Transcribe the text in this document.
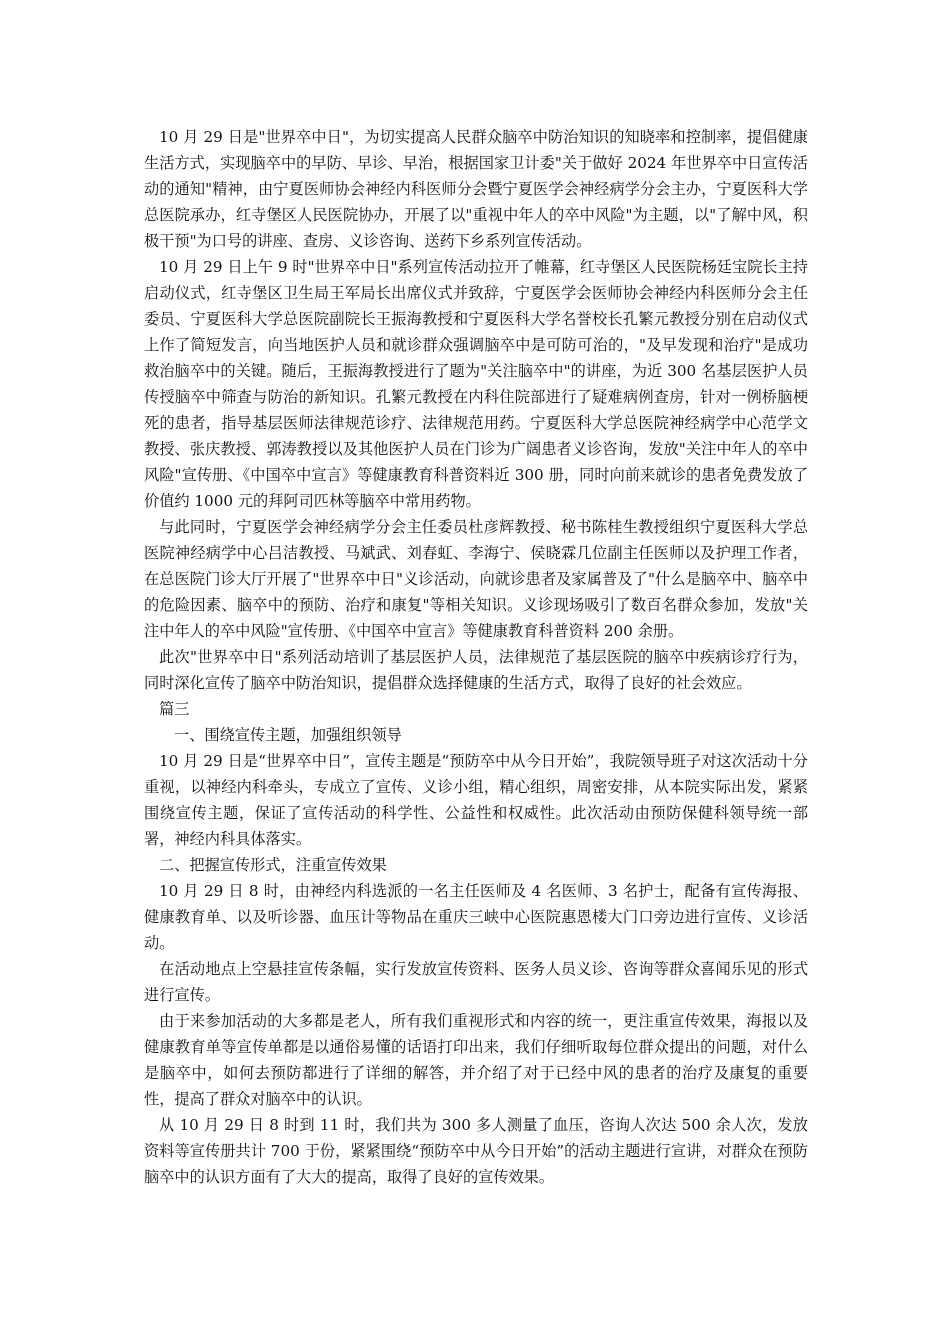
10 月 29 日是"世界卒中日"，为切实提高人民群众脑卒中防治知识的知晓率和控制率，提倡健康生活方式，实现脑卒中的早防、早诊、早治，根据国家卫计委"关于做好 2024 年世界卒中日宣传活动的通知"精神，由宁夏医师协会神经内科医师分会暨宁夏医学会神经病学分会主办，宁夏医科大学总医院承办，红寺堡区人民医院协办，开展了以"重视中年人的卒中风险"为主题，以"了解中风，积极干预"为口号的讲座、查房、义诊咨询、送药下乡系列宣传活动。

10 月 29 日上午 9 时"世界卒中日"系列宣传活动拉开了帷幕，红寺堡区人民医院杨廷宝院长主持启动仪式，红寺堡区卫生局王军局长出席仪式并致辞，宁夏医学会医师协会神经内科医师分会主任委员、宁夏医科大学总医院副院长王振海教授和宁夏医科大学名誉校长孔繁元教授分别在启动仪式上作了简短发言，向当地医护人员和就诊群众强调脑卒中是可防可治的，"及早发现和治疗"是成功救治脑卒中的关键。随后，王振海教授进行了题为"关注脑卒中"的讲座，为近 300 名基层医护人员传授脑卒中筛查与防治的新知识。孔繁元教授在内科住院部进行了疑难病例查房，针对一例桥脑梗死的患者，指导基层医师法律规范诊疗、法律规范用药。宁夏医科大学总医院神经病学中心范学文教授、张庆教授、郭涛教授以及其他医护人员在门诊为广阔患者义诊咨询，发放"关注中年人的卒中风险"宣传册、《中国卒中宣言》等健康教育科普资料近 300 册，同时向前来就诊的患者免费发放了价值约 1000 元的拜阿司匹林等脑卒中常用药物。

与此同时，宁夏医学会神经病学分会主任委员杜彦辉教授、秘书陈桂生教授组织宁夏医科大学总医院神经病学中心吕洁教授、马斌武、刘春虹、李海宁、侯晓霖几位副主任医师以及护理工作者，在总医院门诊大厅开展了"世界卒中日"义诊活动，向就诊患者及家属普及了"什么是脑卒中、脑卒中的危险因素、脑卒中的预防、治疗和康复"等相关知识。义诊现场吸引了数百名群众参加，发放"关注中年人的卒中风险"宣传册、《中国卒中宣言》等健康教育科普资料 200 余册。

此次"世界卒中日"系列活动培训了基层医护人员，法律规范了基层医院的脑卒中疾病诊疗行为，同时深化宣传了脑卒中防治知识，提倡群众选择健康的生活方式，取得了良好的社会效应。

篇三

一、围绕宣传主题，加强组织领导

10 月 29 日是“世界卒中日”，宣传主题是“预防卒中从今日开始”，我院领导班子对这次活动十分重视，以神经内科牵头，专成立了宣传、义诊小组，精心组织，周密安排，从本院实际出发，紧紧围绕宣传主题，保证了宣传活动的科学性、公益性和权威性。此次活动由预防保健科领导统一部署，神经内科具体落实。

二、把握宣传形式，注重宣传效果

10 月 29 日 8 时，由神经内科选派的一名主任医师及 4 名医师、3 名护士，配备有宣传海报、健康教育单、以及听诊器、血压计等物品在重庆三峡中心医院惠恩楼大门口旁边进行宣传、义诊活动。

在活动地点上空悬挂宣传条幅，实行发放宣传资料、医务人员义诊、咨询等群众喜闻乐见的形式进行宣传。

由于来参加活动的大多都是老人，所有我们重视形式和内容的统一，更注重宣传效果，海报以及健康教育单等宣传单都是以通俗易懂的话语打印出来，我们仔细听取每位群众提出的问题，对什么是脑卒中，如何去预防都进行了详细的解答，并介绍了对于已经中风的患者的治疗及康复的重要性，提高了群众对脑卒中的认识。

从 10 月 29 日 8 时到 11 时，我们共为 300 多人测量了血压，咨询人次达 500 余人次，发放资料等宣传册共计 700 于份，紧紧围绕“预防卒中从今日开始”的活动主题进行宣讲，对群众在预防脑卒中的认识方面有了大大的提高，取得了良好的宣传效果。
